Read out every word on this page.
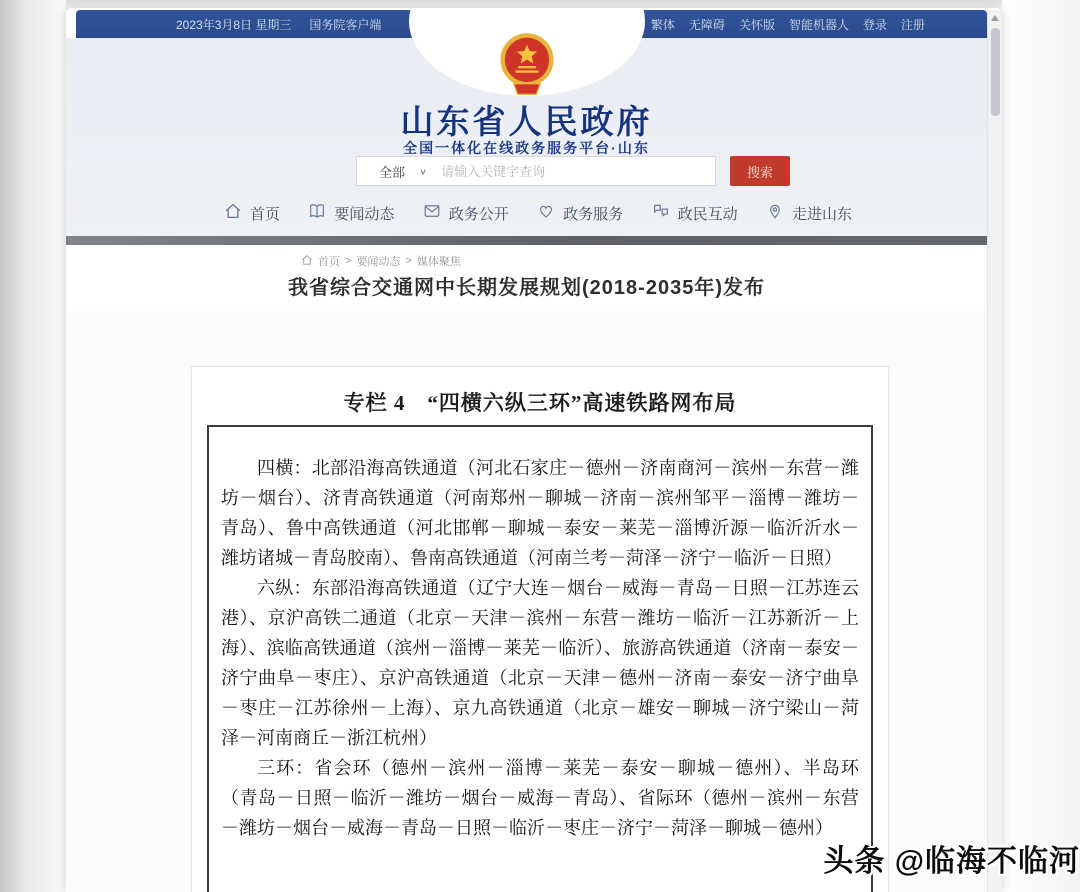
2023年3月8日 星期三 国务院客户端	繁体 无障碍 关怀版 智能机器人 登录 注册
山东省人民政府
全国一体化在线政务服务平台·山东
全部 ∨
请输入关键字查询	搜索
首页	要闻动态	政务公开	政务服务	政民互动	走进山东
首页 > 要闻动态 > 媒体聚焦
我省综合交通网中长期发展规划(2018-2035年)发布
专栏 4　“四横六纵三环”高速铁路网布局

四横：北部沿海高铁通道（河北石家庄－德州－济南商河－滨州－东营－潍坊－烟台）、济青高铁通道（河南郑州－聊城－济南－滨州邹平－淄博－潍坊－青岛）、鲁中高铁通道（河北邯郸－聊城－泰安－莱芜－淄博沂源－临沂沂水－潍坊诸城－青岛胶南）、鲁南高铁通道（河南兰考－菏泽－济宁－临沂－日照）

六纵：东部沿海高铁通道（辽宁大连－烟台－威海－青岛－日照－江苏连云港）、京沪高铁二通道（北京－天津－滨州－东营－潍坊－临沂－江苏新沂－上海）、滨临高铁通道（滨州－淄博－莱芜－临沂）、旅游高铁通道（济南－泰安－济宁曲阜－枣庄）、京沪高铁通道（北京－天津－德州－济南－泰安－济宁曲阜－枣庄－江苏徐州－上海）、京九高铁通道（北京－雄安－聊城－济宁梁山－菏泽－河南商丘－浙江杭州）

三环：省会环（德州－滨州－淄博－莱芜－泰安－聊城－德州）、半岛环（青岛－日照－临沂－潍坊－烟台－威海－青岛）、省际环（德州－滨州－东营－潍坊－烟台－威海－青岛－日照－临沂－枣庄－济宁－菏泽－聊城－德州）

头条 @临海不临河
